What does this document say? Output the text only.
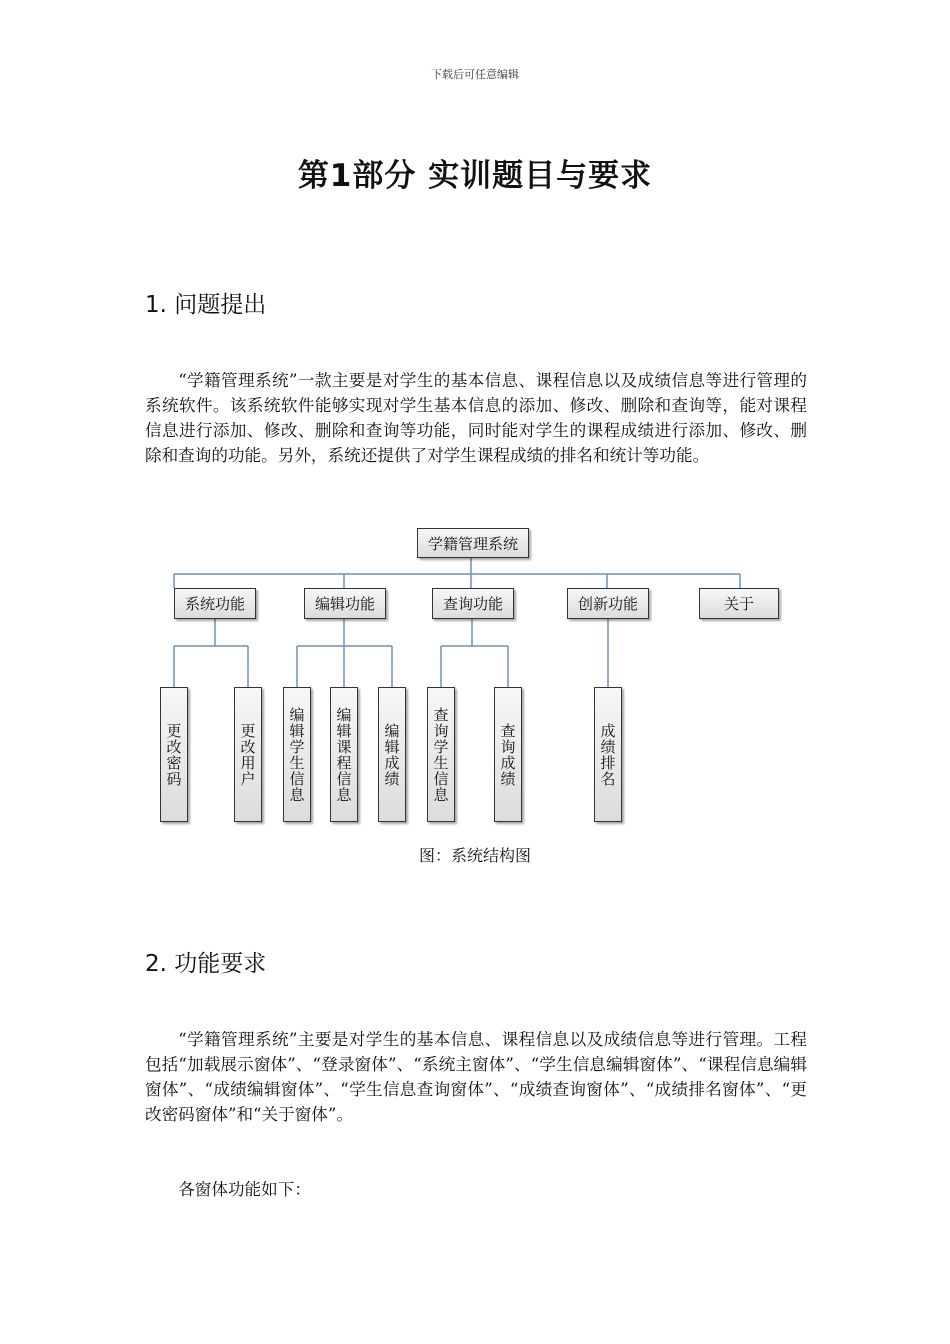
下载后可任意编辑
第1部分 实训题目与要求
1. 问题提出
“学籍管理系统”一款主要是对学生的基本信息、课程信息以及成绩信息等进行管理的系统软件。该系统软件能够实现对学生基本信息的添加、修改、删除和查询等，能对课程信息进行添加、修改、删除和查询等功能，同时能对学生的课程成绩进行添加、修改、删除和查询的功能。另外，系统还提供了对学生课程成绩的排名和统计等功能。
学籍管理系统
系统功能	编辑功能	查询功能	创新功能	关于
更改密码	更改用户	编辑学生信息	编辑课程信息	编辑成绩	查询学生信息	查询成绩	成绩排名
图：系统结构图
2. 功能要求
“学籍管理系统”主要是对学生的基本信息、课程信息以及成绩信息等进行管理。工程包括“加载展示窗体”、“登录窗体”、“系统主窗体”、“学生信息编辑窗体”、“课程信息编辑窗体”、“成绩编辑窗体”、“学生信息查询窗体”、“成绩查询窗体”、“成绩排名窗体”、“更改密码窗体”和“关于窗体”。
各窗体功能如下：
